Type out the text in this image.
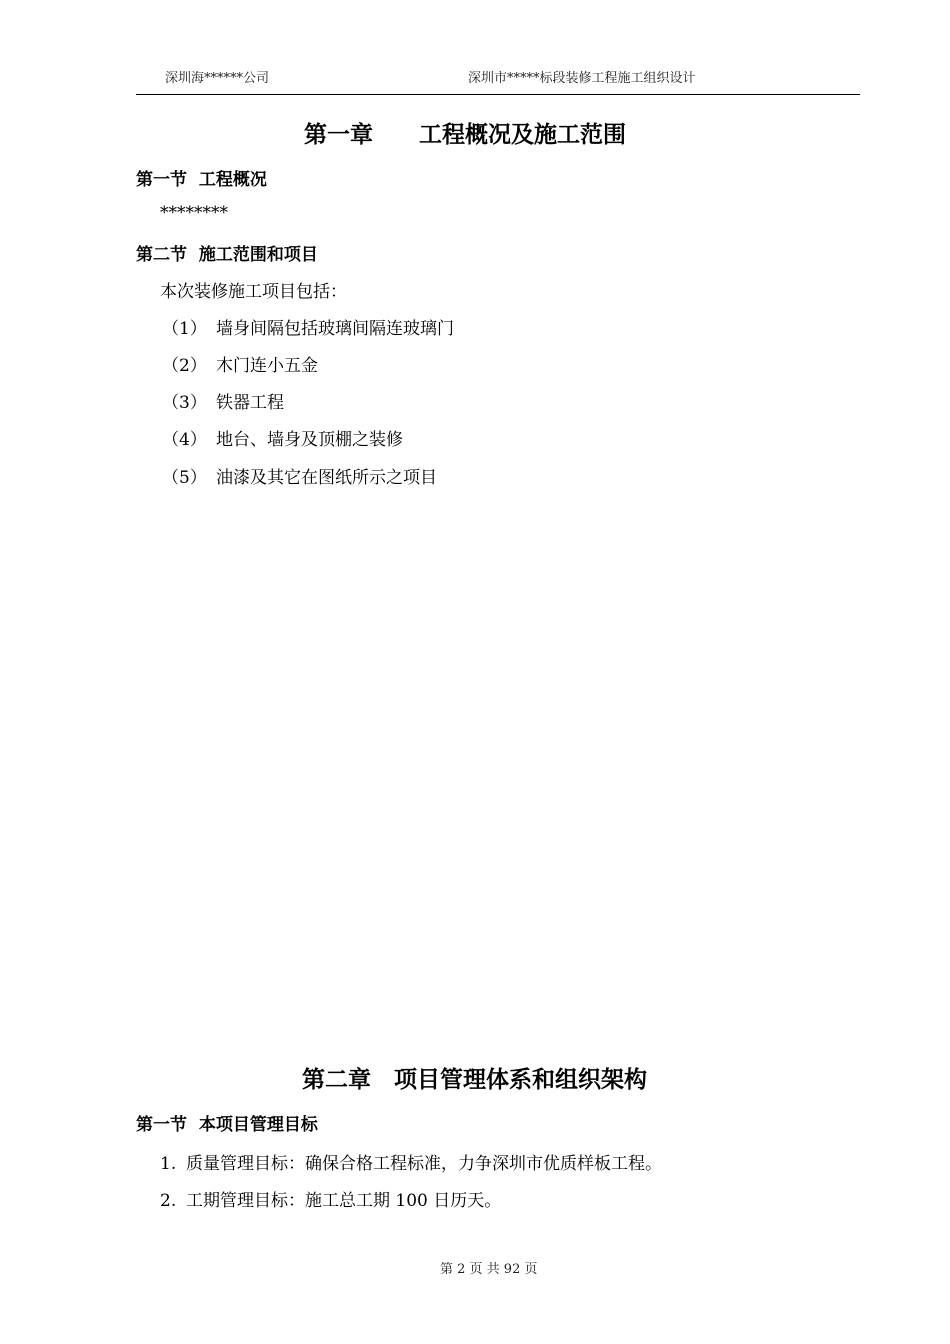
深圳海******公司	深圳市*****标段装修工程施工组织设计
第一章　　工程概况及施工范围
第一节  工程概况
********
第二节  施工范围和项目
本次装修施工项目包括：
（1） 墙身间隔包括玻璃间隔连玻璃门
（2） 木门连小五金
（3） 铁器工程
（4） 地台、墙身及顶棚之装修
（5） 油漆及其它在图纸所示之项目
第二章　项目管理体系和组织架构
第一节  本项目管理目标
1. 质量管理目标：确保合格工程标准，力争深圳市优质样板工程。
2. 工期管理目标：施工总工期 100 日历天。
第 2 页 共 92 页
